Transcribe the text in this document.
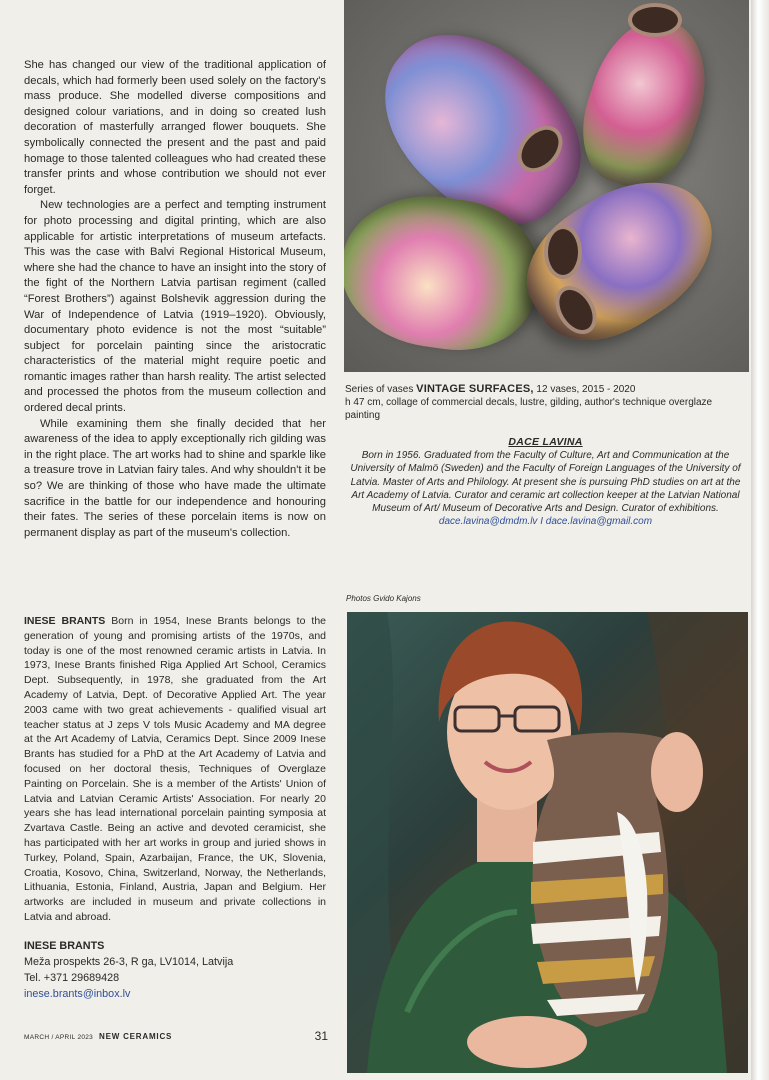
She has changed our view of the traditional application of decals, which had formerly been used solely on the factory's mass produce. She modelled diverse compositions and designed colour variations, and in doing so created lush decoration of masterfully arranged flower bouquets. She symbolically connected the present and the past and paid homage to those talented colleagues who had created these transfer prints and whose contribution we should not ever forget.

New technologies are a perfect and tempting instrument for photo processing and digital printing, which are also applicable for artistic interpretations of museum artefacts. This was the case with Balvi Regional Historical Museum, where she had the chance to have an insight into the story of the fight of the Northern Latvia partisan regiment (called “Forest Brothers”) against Bolshevik aggression during the War of Independence of Latvia (1919–1920). Obviously, documentary photo evidence is not the most “suitable” subject for porcelain painting since the aristocratic characteristics of the material might require poetic and romantic images rather than harsh reality. The artist selected and processed the photos from the museum collection and ordered decal prints.

While examining them she finally decided that her awareness of the idea to apply exceptionally rich gilding was in the right place. The art works had to shine and sparkle like a treasure trove in Latvian fairy tales. And why shouldn't it be so? We are thinking of those who have made the ultimate sacrifice in the battle for our independence and honouring their fates. The series of these porcelain items is now on permanent display as part of the museum's collection.

Series of vases VINTAGE SURFACES, 12 vases, 2015 - 2020
h 47 cm, collage of commercial decals, lustre, gilding, author's technique overglaze painting
DACE LAVINA
Born in 1956. Graduated from the Faculty of Culture, Art and Communication at the University of Malmö (Sweden) and the Faculty of Foreign Languages of the University of Latvia. Master of Arts and Philology. At present she is pursuing PhD studies on art at the Art Academy of Latvia. Curator and ceramic art collection keeper at the Latvian National Museum of Art/ Museum of Decorative Arts and Design. Curator of exhibitions.
dace.lavina@dmdm.lv I dace.lavina@gmail.com
Photos Gvido Kajons
INESE BRANTS Born in 1954, Inese Brants belongs to the generation of young and promising artists of the 1970s, and today is one of the most renowned ceramic artists in Latvia. In 1973, Inese Brants finished Riga Applied Art School, Ceramics Dept. Subsequently, in 1978, she graduated from the Art Academy of Latvia, Dept. of Decorative Applied Art. The year 2003 came with two great achievements - qualified visual art teacher status at J zeps V tols Music Academy and MA degree at the Art Academy of Latvia, Ceramics Dept. Since 2009 Inese Brants has studied for a PhD at the Art Academy of Latvia and focused on her doctoral thesis, Techniques of Overglaze Painting on Porcelain. She is a member of the Artists' Union of Latvia and Latvian Ceramic Artists' Association. For nearly 20 years she has lead international porcelain painting symposia at Zvartava Castle. Being an active and devoted ceramicist, she has participated with her art works in group and juried shows in Turkey, Poland, Spain, Azarbaijan, France, the UK, Slovenia, Croatia, Kosovo, China, Switzerland, Norway, the Netherlands, Lithuania, Estonia, Finland, Austria, Japan and Belgium. Her artworks are included in museum and private collections in Latvia and abroad.
INESE BRANTS
Meža prospekts 26-3, R ga, LV1014, Latvija
Tel. +371 29689428
inese.brants@inbox.lv
MARCH / APRIL 2023 NEW CERAMICS	31
